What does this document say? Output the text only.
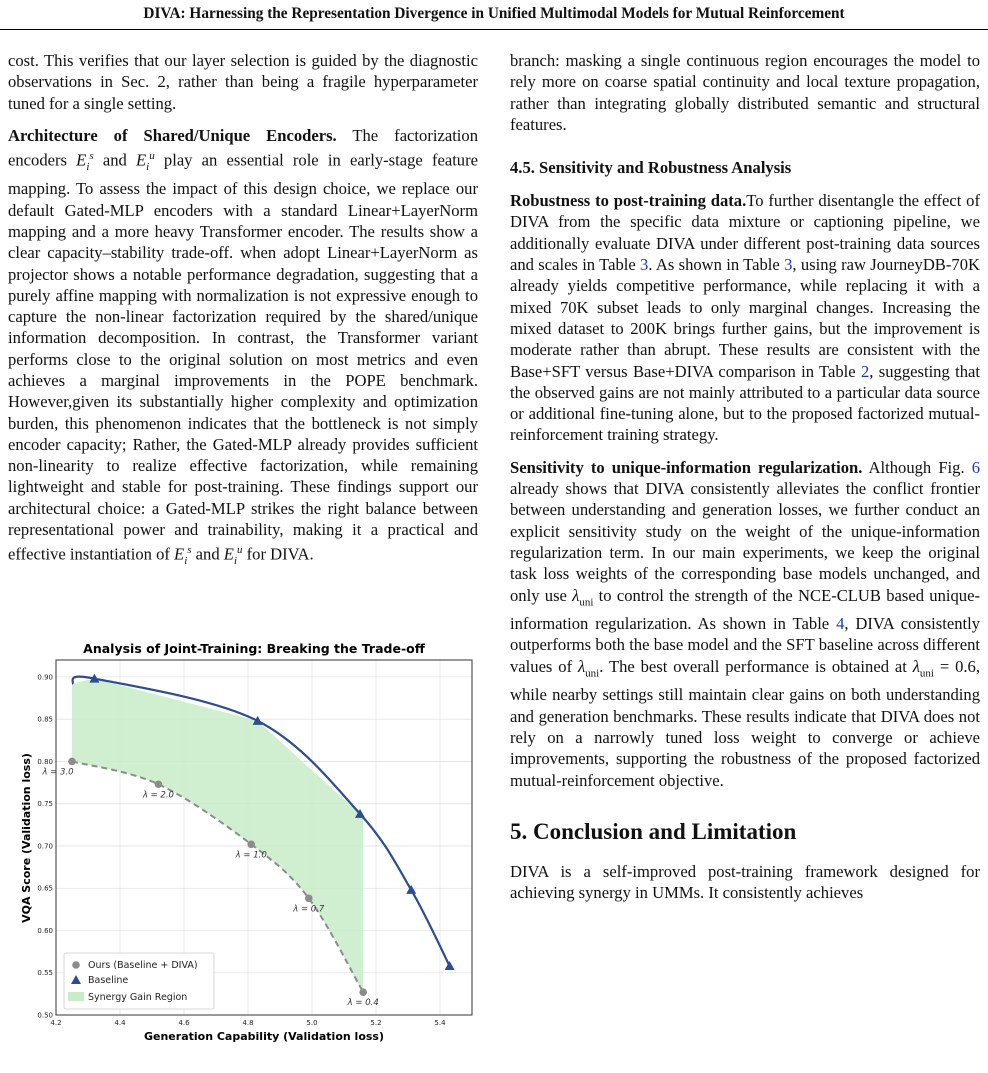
DIVA: Harnessing the Representation Divergence in Unified Multimodal Models for Mutual Reinforcement

cost. This verifies that our layer selection is guided by the diagnostic observations in Sec. 2, rather than being a fragile hyperparameter tuned for a single setting.

Architecture of Shared/Unique Encoders. The factorization encoders $E_i^s$ and $E_i^u$ play an essential role in early-stage feature mapping. To assess the impact of this design choice, we replace our default Gated-MLP encoders with a standard Linear+LayerNorm mapping and a more heavy Transformer encoder. The results show a clear capacity–stability trade-off. when adopt Linear+LayerNorm as projector shows a notable performance degradation, suggesting that a purely affine mapping with normalization is not expressive enough to capture the non-linear factorization required by the shared/unique information decomposition. In contrast, the Transformer variant performs close to the original solution on most metrics and even achieves a marginal improvements in the POPE benchmark. However,given its substantially higher complexity and optimization burden, this phenomenon indicates that the bottleneck is not simply encoder capacity; Rather, the Gated-MLP already provides sufficient non-linearity to realize effective factorization, while remaining lightweight and stable for post-training. These findings support our architectural choice: a Gated-MLP strikes the right balance between representational power and trainability, making it a practical and effective instantiation of $E_i^s$ and $E_i^u$ for DIVA.

Analysis of Joint-Training: Breaking the Trade-off
4.2	4.4	4.6	4.8	5.0	5.2	5.4
0.50
0.55
0.60
0.65
0.70
0.75
0.80
0.85
0.90
λ = 3.0
λ = 2.0
λ = 1.0
λ = 0.7
λ = 0.4
Ours (Baseline + DIVA)
Baseline
Synergy Gain Region
Generation Capability (Validation loss)
VQA Score (Validation loss)

branch: masking a single continuous region encourages the model to rely more on coarse spatial continuity and local texture propagation, rather than integrating globally distributed semantic and structural features.

4.5. Sensitivity and Robustness Analysis

Robustness to post-training data.To further disentangle the effect of DIVA from the specific data mixture or captioning pipeline, we additionally evaluate DIVA under different post-training data sources and scales in Table 3. As shown in Table 3, using raw JourneyDB-70K already yields competitive performance, while replacing it with a mixed 70K subset leads to only marginal changes. Increasing the mixed dataset to 200K brings further gains, but the improvement is moderate rather than abrupt. These results are consistent with the Base+SFT versus Base+DIVA comparison in Table 2, suggesting that the observed gains are not mainly attributed to a particular data source or additional fine-tuning alone, but to the proposed factorized mutual-reinforcement training strategy.

Sensitivity to unique-information regularization. Although Fig. 6 already shows that DIVA consistently alleviates the conflict frontier between understanding and generation losses, we further conduct an explicit sensitivity study on the weight of the unique-information regularization term. In our main experiments, we keep the original task loss weights of the corresponding base models unchanged, and only use $\lambda_{uni}$ to control the strength of the NCE-CLUB based unique-information regularization. As shown in Table 4, DIVA consistently outperforms both the base model and the SFT baseline across different values of $\lambda_{uni}$. The best overall performance is obtained at $\lambda_{uni} = 0.6$, while nearby settings still maintain clear gains on both understanding and generation benchmarks. These results indicate that DIVA does not rely on a narrowly tuned loss weight to converge or achieve improvements, supporting the robustness of the proposed factorized mutual-reinforcement objective.

5. Conclusion and Limitation

DIVA is a self-improved post-training framework designed for achieving synergy in UMMs. It consistently achieves
